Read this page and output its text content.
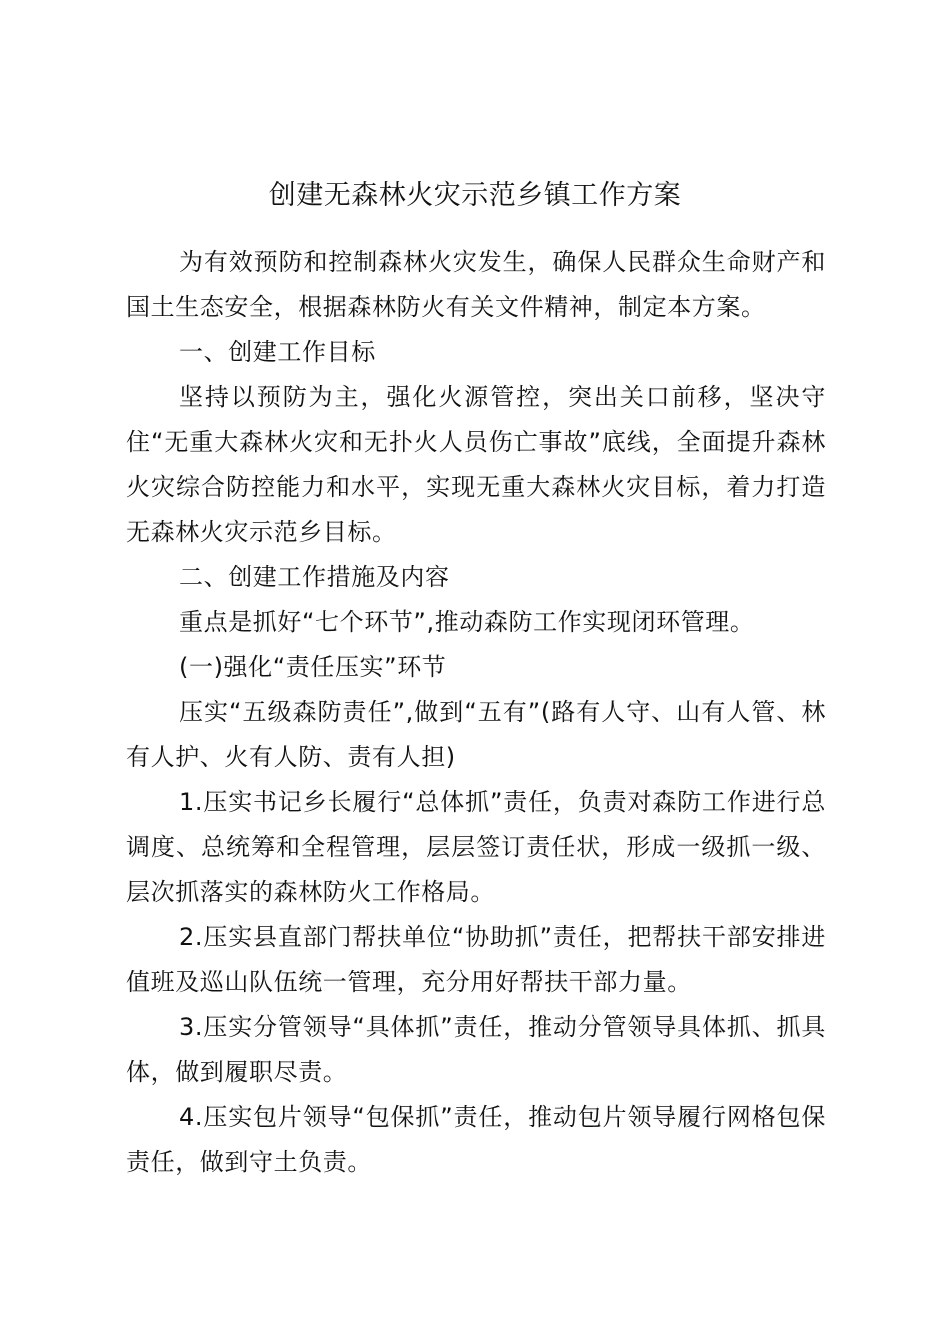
创建无森林火灾示范乡镇工作方案

为有效预防和控制森林火灾发生，确保人民群众生命财产和国土生态安全，根据森林防火有关文件精神，制定本方案。

一、创建工作目标

坚持以预防为主，强化火源管控，突出关口前移，坚决守住“无重大森林火灾和无扑火人员伤亡事故”底线，全面提升森林火灾综合防控能力和水平，实现无重大森林火灾目标，着力打造无森林火灾示范乡目标。

二、创建工作措施及内容

重点是抓好“七个环节”,推动森防工作实现闭环管理。

(一)强化“责任压实”环节

压实“五级森防责任”,做到“五有”(路有人守、山有人管、林有人护、火有人防、责有人担)

1.压实书记乡长履行“总体抓”责任，负责对森防工作进行总调度、总统筹和全程管理，层层签订责任状，形成一级抓一级、层次抓落实的森林防火工作格局。

2.压实县直部门帮扶单位“协助抓”责任，把帮扶干部安排进值班及巡山队伍统一管理，充分用好帮扶干部力量。

3.压实分管领导“具体抓”责任，推动分管领导具体抓、抓具体，做到履职尽责。

4.压实包片领导“包保抓”责任，推动包片领导履行网格包保责任，做到守土负责。
